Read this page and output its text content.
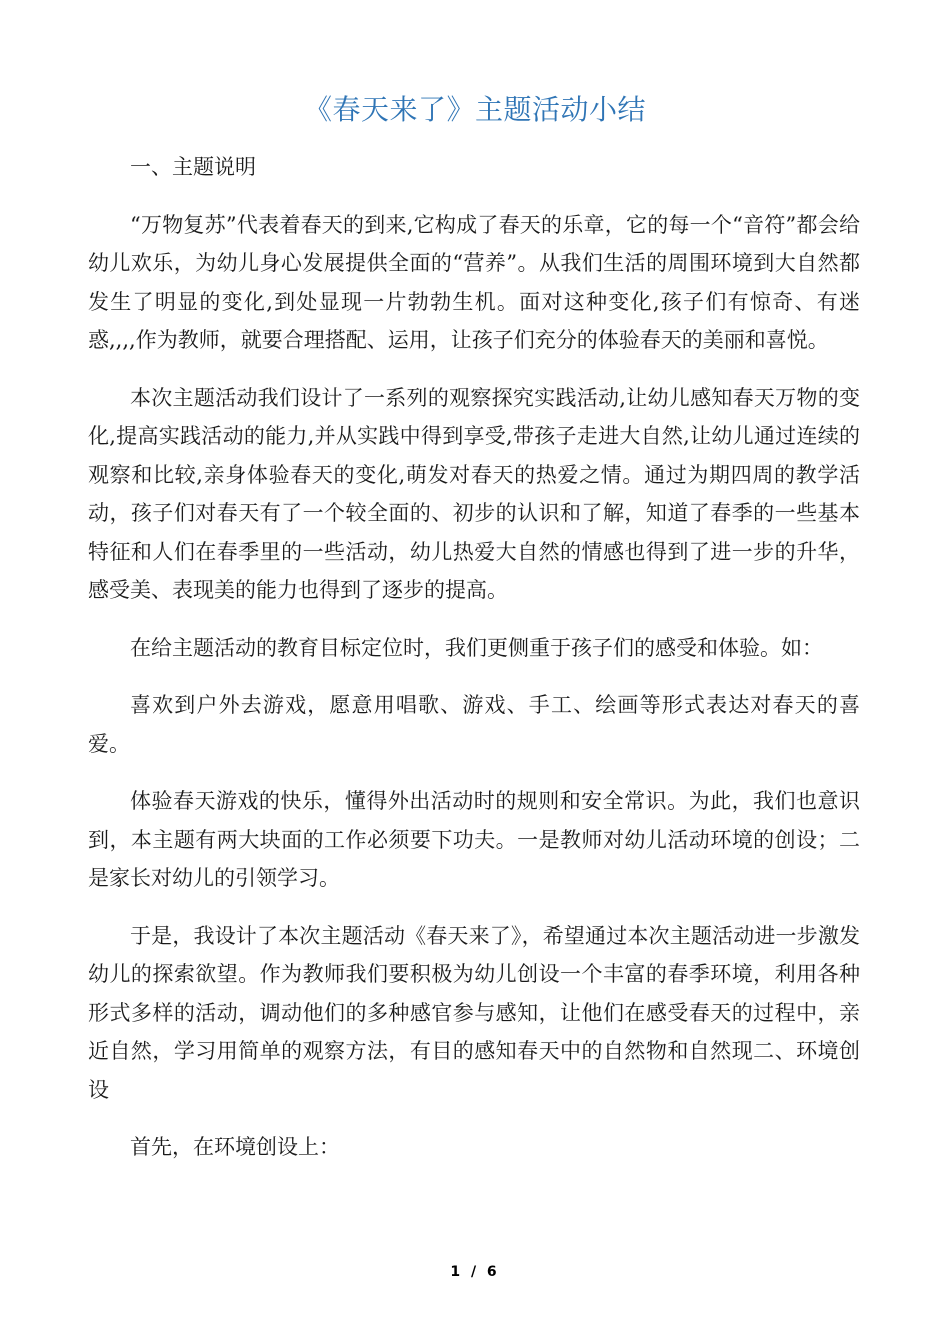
《春天来了》主题活动小结

一、主题说明

“万物复苏”代表着春天的到来,它构成了春天的乐章，它的每一个“音符”都会给幼儿欢乐，为幼儿身心发展提供全面的“营养”。从我们生活的周围环境到大自然都发生了明显的变化,到处显现一片勃勃生机。面对这种变化,孩子们有惊奇、有迷惑,,,,作为教师，就要合理搭配、运用，让孩子们充分的体验春天的美丽和喜悦。

本次主题活动我们设计了一系列的观察探究实践活动,让幼儿感知春天万物的变化,提高实践活动的能力,并从实践中得到享受,带孩子走进大自然,让幼儿通过连续的观察和比较,亲身体验春天的变化,萌发对春天的热爱之情。通过为期四周的教学活动，孩子们对春天有了一个较全面的、初步的认识和了解，知道了春季的一些基本特征和人们在春季里的一些活动，幼儿热爱大自然的情感也得到了进一步的升华，感受美、表现美的能力也得到了逐步的提高。

在给主题活动的教育目标定位时，我们更侧重于孩子们的感受和体验。如：

喜欢到户外去游戏，愿意用唱歌、游戏、手工、绘画等形式表达对春天的喜爱。

体验春天游戏的快乐，懂得外出活动时的规则和安全常识。为此，我们也意识到，本主题有两大块面的工作必须要下功夫。一是教师对幼儿活动环境的创设；二是家长对幼儿的引领学习。

于是，我设计了本次主题活动《春天来了》，希望通过本次主题活动进一步激发幼儿的探索欲望。作为教师我们要积极为幼儿创设一个丰富的春季环境，利用各种形式多样的活动，调动他们的多种感官参与感知，让他们在感受春天的过程中，亲近自然，学习用简单的观察方法，有目的感知春天中的自然物和自然现二、环境创设

首先，在环境创设上：

1 / 6
